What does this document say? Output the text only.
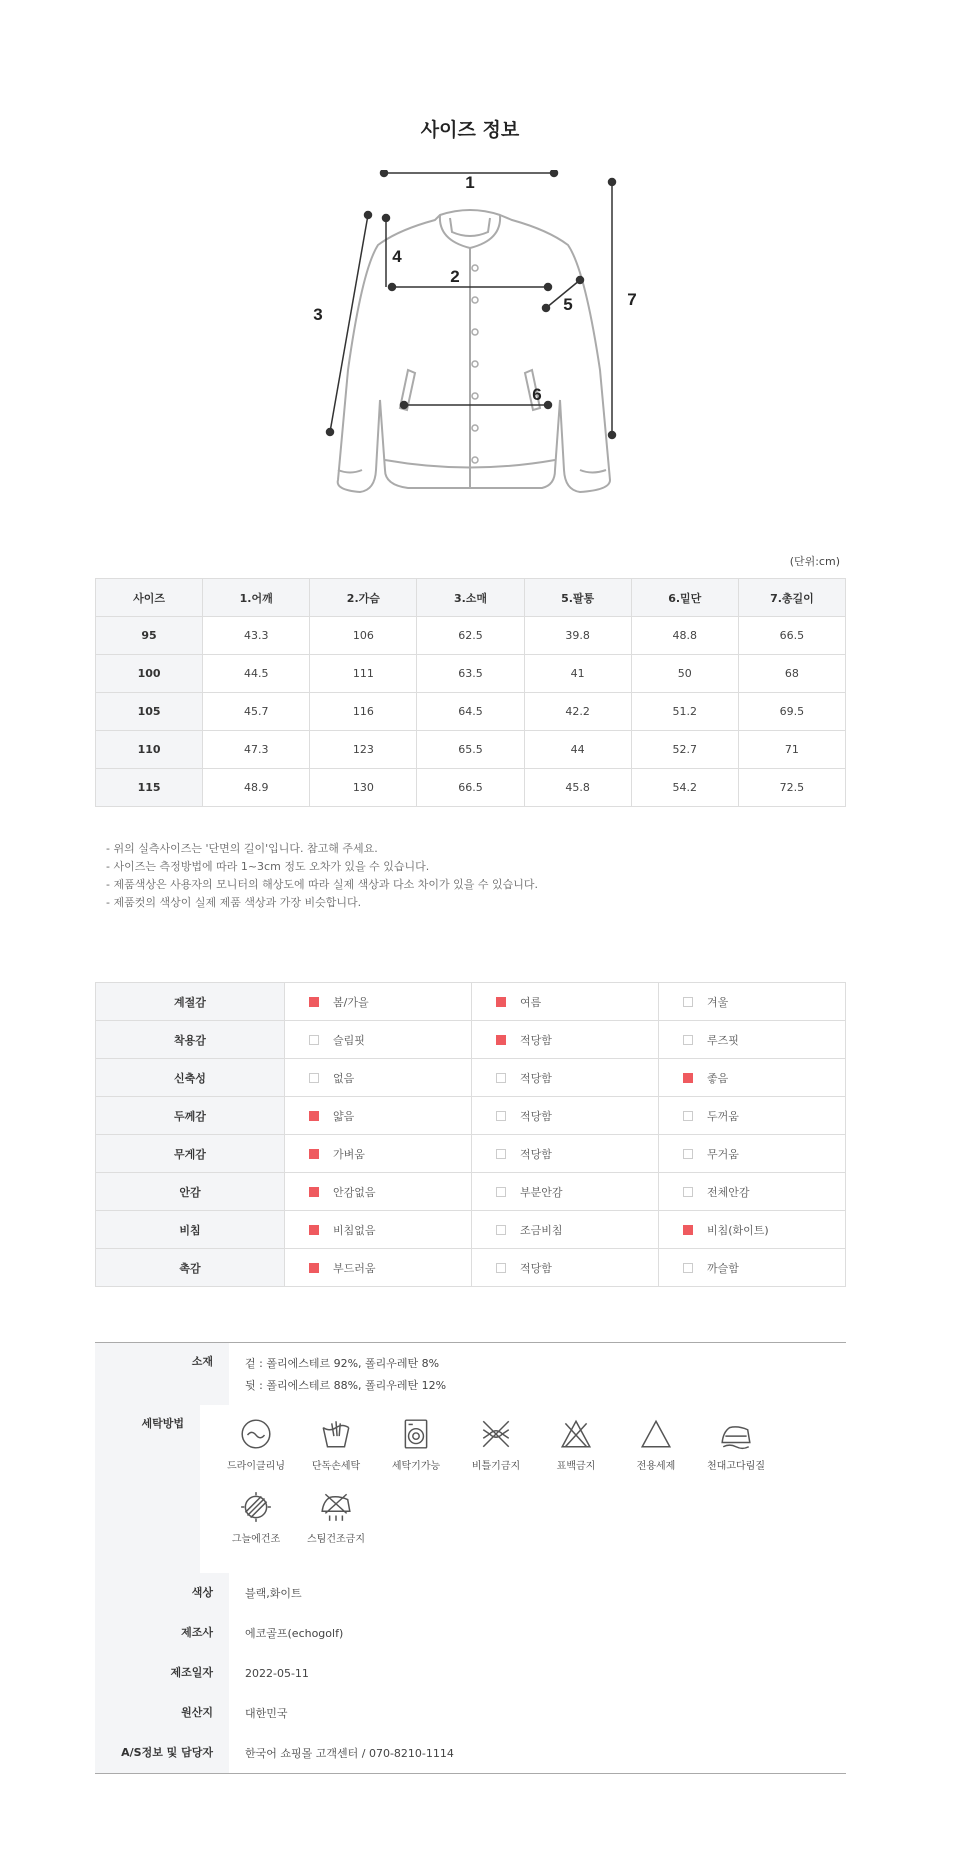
사이즈 정보
1
2
3
4
5
6
7
(단위:cm)
사이즈	1.어깨	2.가슴	3.소매	5.팔통	6.밑단	7.총길이
95	43.3	106	62.5	39.8	48.8	66.5
100	44.5	111	63.5	41	50	68
105	45.7	116	64.5	42.2	51.2	69.5
110	47.3	123	65.5	44	52.7	71
115	48.9	130	66.5	45.8	54.2	72.5
- 위의 실측사이즈는 '단면의 길이'입니다. 참고해 주세요.
- 사이즈는 측정방법에 따라 1~3cm 정도 오차가 있을 수 있습니다.
- 제품색상은 사용자의 모니터의 해상도에 따라 실제 색상과 다소 차이가 있을 수 있습니다.
- 제품컷의 색상이 실제 제품 색상과 가장 비슷합니다.
계절감	봄/가을	여름	겨울

착용감	슬림핏	적당함	루즈핏

신축성	없음	적당함	좋음

두께감	얇음	적당함	두꺼움

무게감	가벼움	적당함	무거움

안감	안감없음	부분안감	전체안감

비침	비침없음	조금비침	비침(화이트)

촉감	부드러움	적당함	까슬함
소재	겉 : 폴리에스테르 92%, 폴리우레탄 8%
뒷 : 폴리에스테르 88%, 폴리우레탄 12%
세탁방법
드라이클리닝	단독손세탁	세탁기가능	비틀기금지	표백금지	전용세제	천대고다림질
그늘에건조	스팀건조금지
색상	블랙,화이트
제조사	에코골프(echogolf)
제조일자	2022-05-11
원산지	대한민국
A/S정보 및 담당자	한국어 쇼핑몰 고객센터 / 070-8210-1114
